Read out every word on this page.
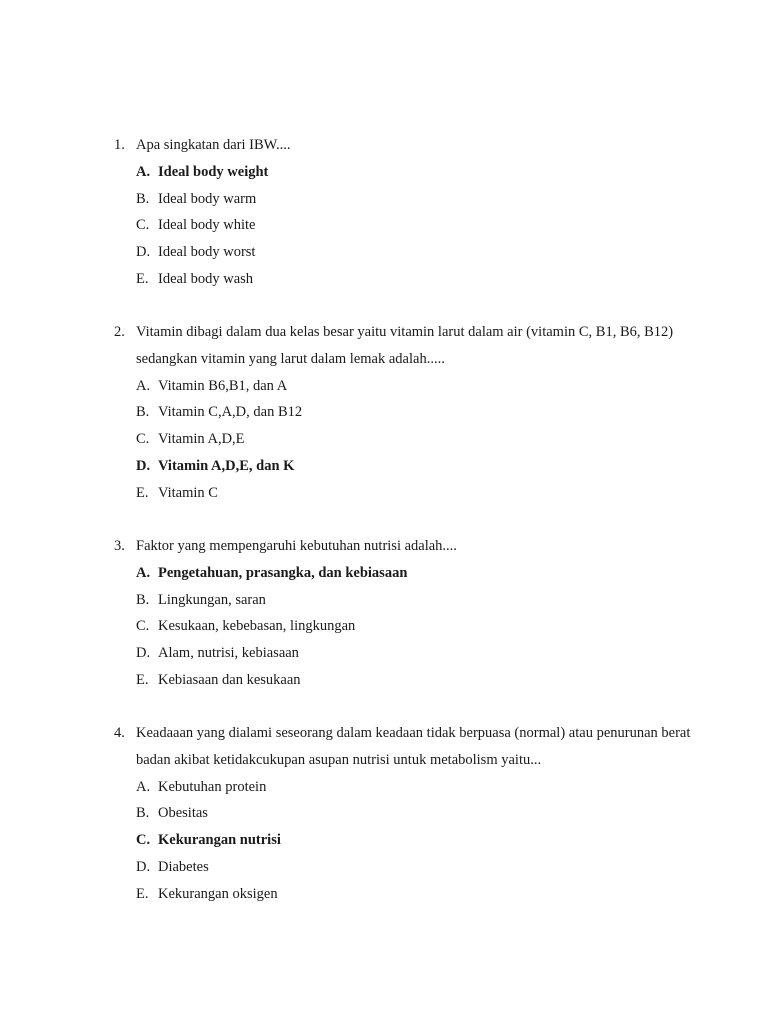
1. Apa singkatan dari IBW....
A. Ideal body weight
B. Ideal body warm
C. Ideal body white
D. Ideal body worst
E. Ideal body wash
2. Vitamin dibagi dalam dua kelas besar yaitu vitamin larut dalam air (vitamin C, B1, B6, B12) sedangkan vitamin yang larut dalam lemak adalah.....
A. Vitamin B6,B1, dan A
B. Vitamin C,A,D, dan B12
C. Vitamin A,D,E
D. Vitamin A,D,E, dan K
E. Vitamin C
3. Faktor yang mempengaruhi kebutuhan nutrisi adalah....
A. Pengetahuan, prasangka, dan kebiasaan
B. Lingkungan, saran
C. Kesukaan, kebebasan, lingkungan
D. Alam, nutrisi, kebiasaan
E. Kebiasaan dan kesukaan
4. Keadaaan yang dialami seseorang dalam keadaan tidak berpuasa (normal) atau penurunan berat badan akibat ketidakcukupan asupan nutrisi untuk metabolism yaitu...
A. Kebutuhan protein
B. Obesitas
C. Kekurangan nutrisi
D. Diabetes
E. Kekurangan oksigen
